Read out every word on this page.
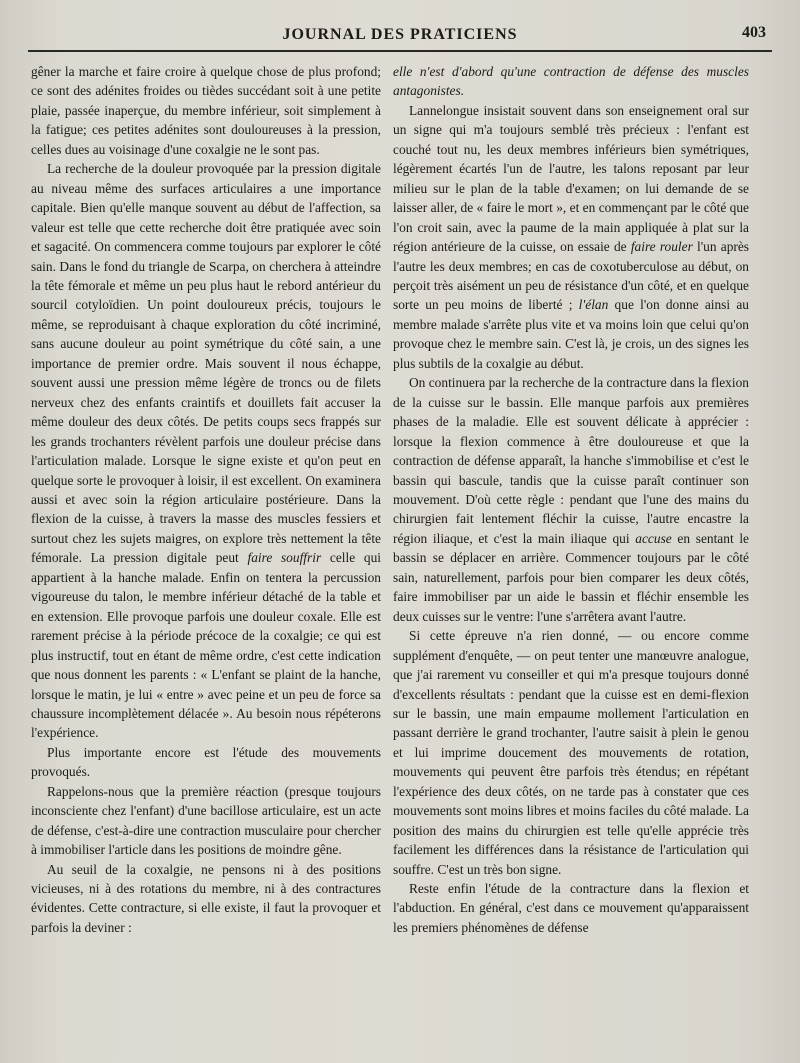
JOURNAL DES PRATICIENS	403

gêner la marche et faire croire à quelque chose de plus profond; ce sont des adénites froides ou tièdes succédant soit à une petite plaie, passée inaperçue, du membre inférieur, soit simplement à la fatigue; ces petites adénites sont douloureuses à la pression, celles dues au voisinage d'une coxalgie ne le sont pas.

La recherche de la douleur provoquée par la pression digitale au niveau même des surfaces articulaires a une importance capitale. Bien qu'elle manque souvent au début de l'affection, sa valeur est telle que cette recherche doit être pratiquée avec soin et sagacité. On commencera comme toujours par explorer le côté sain. Dans le fond du triangle de Scarpa, on cherchera à atteindre la tête fémorale et même un peu plus haut le rebord antérieur du sourcil cotyloïdien. Un point douloureux précis, toujours le même, se reproduisant à chaque exploration du côté incriminé, sans aucune douleur au point symétrique du côté sain, a une importance de premier ordre. Mais souvent il nous échappe, souvent aussi une pression même légère de troncs ou de filets nerveux chez des enfants craintifs et douillets fait accuser la même douleur des deux côtés. De petits coups secs frappés sur les grands trochanters révèlent parfois une douleur précise dans l'articulation malade. Lorsque le signe existe et qu'on peut en quelque sorte le provoquer à loisir, il est excellent. On examinera aussi et avec soin la région articulaire postérieure. Dans la flexion de la cuisse, à travers la masse des muscles fessiers et surtout chez les sujets maigres, on explore très nettement la tête fémorale. La pression digitale peut faire souffrir celle qui appartient à la hanche malade. Enfin on tentera la percussion vigoureuse du talon, le membre inférieur détaché de la table et en extension. Elle provoque parfois une douleur coxale. Elle est rarement précise à la période précoce de la coxalgie; ce qui est plus instructif, tout en étant de même ordre, c'est cette indication que nous donnent les parents : « L'enfant se plaint de la hanche, lorsque le matin, je lui « entre » avec peine et un peu de force sa chaussure incomplètement délacée ». Au besoin nous répéterons l'expérience.

Plus importante encore est l'étude des mouvements provoqués.

Rappelons-nous que la première réaction (presque toujours inconsciente chez l'enfant) d'une bacillose articulaire, est un acte de défense, c'est-à-dire une contraction musculaire pour chercher à immobiliser l'article dans les positions de moindre gêne.

Au seuil de la coxalgie, ne pensons ni à des positions vicieuses, ni à des rotations du membre, ni à des contractures évidentes. Cette contracture, si elle existe, il faut la provoquer et parfois la deviner :

elle n'est d'abord qu'une contraction de défense des muscles antagonistes.

Lannelongue insistait souvent dans son enseignement oral sur un signe qui m'a toujours semblé très précieux : l'enfant est couché tout nu, les deux membres inférieurs bien symétriques, légèrement écartés l'un de l'autre, les talons reposant par leur milieu sur le plan de la table d'examen; on lui demande de se laisser aller, de « faire le mort », et en commençant par le côté que l'on croit sain, avec la paume de la main appliquée à plat sur la région antérieure de la cuisse, on essaie de faire rouler l'un après l'autre les deux membres; en cas de coxotuberculose au début, on perçoit très aisément un peu de résistance d'un côté, et en quelque sorte un peu moins de liberté ; l'élan que l'on donne ainsi au membre malade s'arrête plus vite et va moins loin que celui qu'on provoque chez le membre sain. C'est là, je crois, un des signes les plus subtils de la coxalgie au début.

On continuera par la recherche de la contracture dans la flexion de la cuisse sur le bassin. Elle manque parfois aux premières phases de la maladie. Elle est souvent délicate à apprécier : lorsque la flexion commence à être douloureuse et que la contraction de défense apparaît, la hanche s'immobilise et c'est le bassin qui bascule, tandis que la cuisse paraît continuer son mouvement. D'où cette règle : pendant que l'une des mains du chirurgien fait lentement fléchir la cuisse, l'autre encastre la région iliaque, et c'est la main iliaque qui accuse en sentant le bassin se déplacer en arrière. Commencer toujours par le côté sain, naturellement, parfois pour bien comparer les deux côtés, faire immobiliser par un aide le bassin et fléchir ensemble les deux cuisses sur le ventre: l'une s'arrêtera avant l'autre.

Si cette épreuve n'a rien donné, — ou encore comme supplément d'enquête, — on peut tenter une manœuvre analogue, que j'ai rarement vu conseiller et qui m'a presque toujours donné d'excellents résultats : pendant que la cuisse est en demi-flexion sur le bassin, une main empaume mollement l'articulation en passant derrière le grand trochanter, l'autre saisit à plein le genou et lui imprime doucement des mouvements de rotation, mouvements qui peuvent être parfois très étendus; en répétant l'expérience des deux côtés, on ne tarde pas à constater que ces mouvements sont moins libres et moins faciles du côté malade. La position des mains du chirurgien est telle qu'elle apprécie très facilement les différences dans la résistance de l'articulation qui souffre. C'est un très bon signe.

Reste enfin l'étude de la contracture dans la flexion et l'abduction. En général, c'est dans ce mouvement qu'apparaissent les premiers phénomènes de défense
